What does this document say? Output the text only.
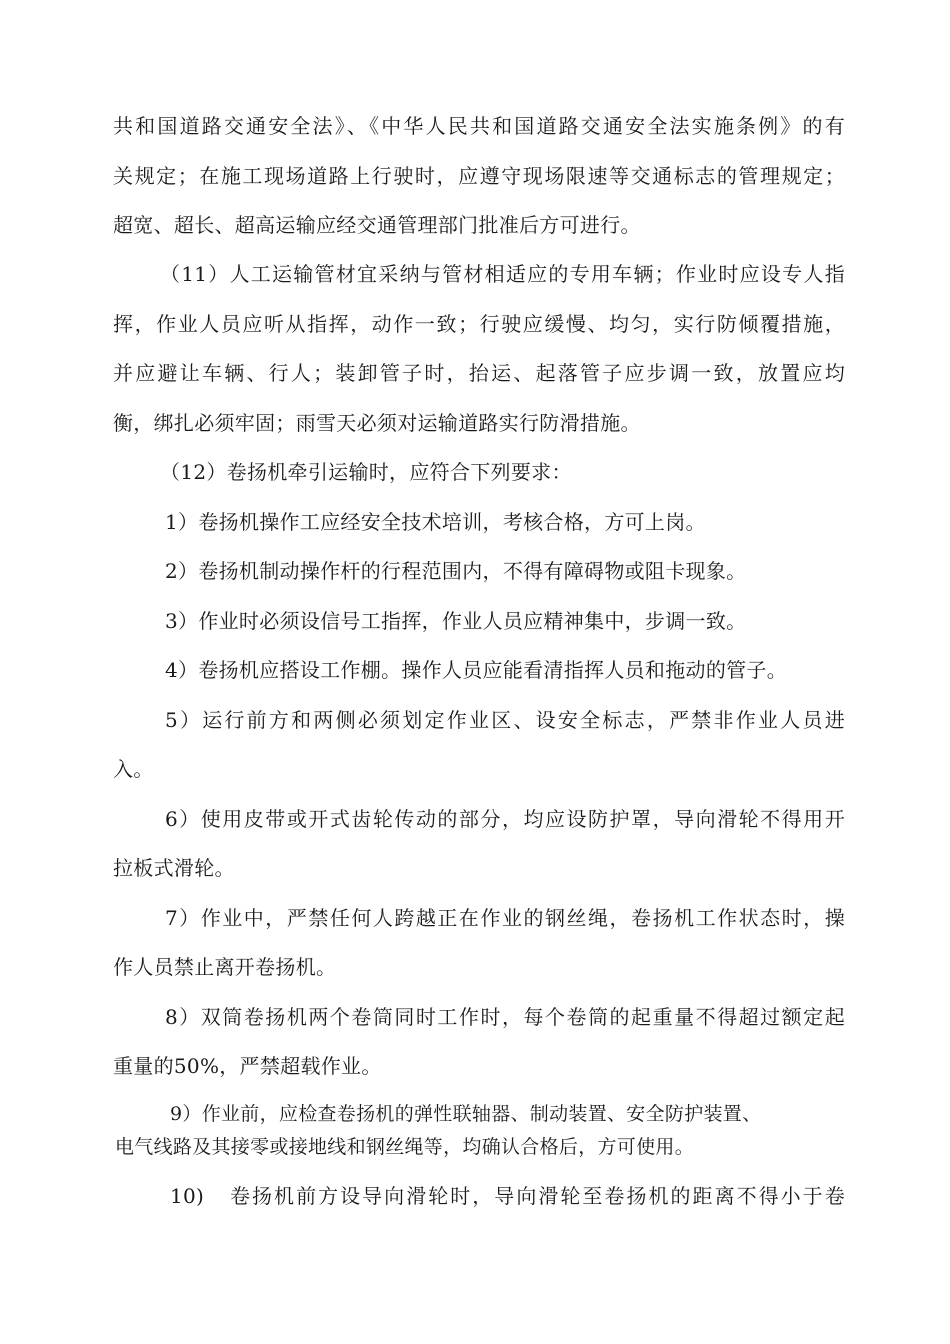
共和国道路交通安全法》、《中华人民共和国道路交通安全法实施条例》的有
关规定；在施工现场道路上行驶时，应遵守现场限速等交通标志的管理规定；
超宽、超长、超高运输应经交通管理部门批准后方可进行。
（11）人工运输管材宜采纳与管材相适应的专用车辆；作业时应设专人指
挥，作业人员应听从指挥，动作一致；行驶应缓慢、均匀，实行防倾覆措施，
并应避让车辆、行人；装卸管子时，抬运、起落管子应步调一致，放置应均
衡，绑扎必须牢固；雨雪天必须对运输道路实行防滑措施。
（12）卷扬机牵引运输时，应符合下列要求：
1）卷扬机操作工应经安全技术培训，考核合格，方可上岗。
2）卷扬机制动操作杆的行程范围内，不得有障碍物或阻卡现象。
3）作业时必须设信号工指挥，作业人员应精神集中，步调一致。
4）卷扬机应搭设工作棚。操作人员应能看清指挥人员和拖动的管子。
5）运行前方和两侧必须划定作业区、设安全标志，严禁非作业人员进
入。
6）使用皮带或开式齿轮传动的部分，均应设防护罩，导向滑轮不得用开
拉板式滑轮。
7）作业中，严禁任何人跨越正在作业的钢丝绳，卷扬机工作状态时，操
作人员禁止离开卷扬机。
8）双筒卷扬机两个卷筒同时工作时，每个卷筒的起重量不得超过额定起
重量的50%，严禁超载作业。
9）作业前，应检查卷扬机的弹性联轴器、制动装置、安全防护装置、
电气线路及其接零或接地线和钢丝绳等，均确认合格后，方可使用。
10)	卷扬机前方设导向滑轮时，导向滑轮至卷扬机的距离不得小于卷
